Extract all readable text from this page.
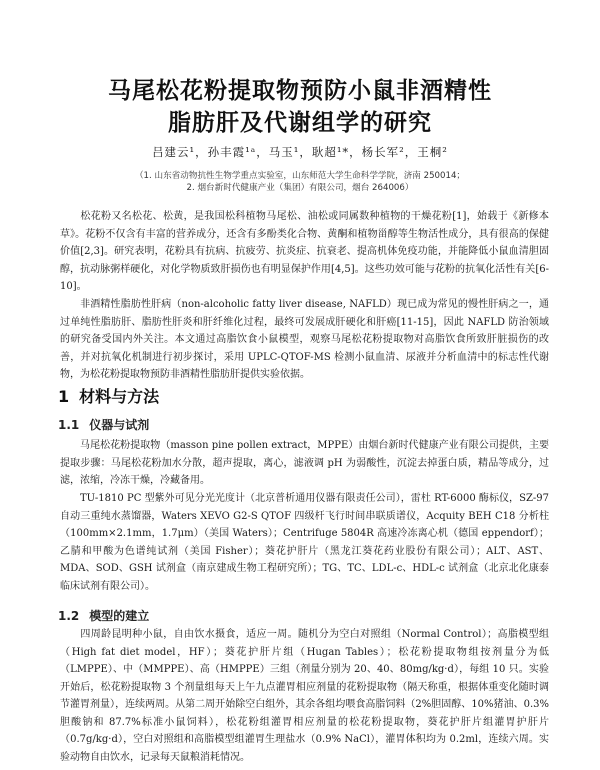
马尾松花粉提取物预防小鼠非酒精性
脂肪肝及代谢组学的研究
吕建云¹，孙丰霞¹ᵃ，马玉¹，耿超¹*，杨长军²，王桐²
（1. 山东省动物抗性生物学重点实验室，山东师范大学生命科学学院，济南 250014；
2. 烟台新时代健康产业（集团）有限公司，烟台 264006）

松花粉又名松花、松黄，是我国松科植物马尾松、油松或同属数种植物的干燥花粉[1]，始载于《新修本草》。花粉不仅含有丰富的营养成分，还含有多酚类化合物、黄酮和植物甾醇等生物活性成分，具有很高的保健价值[2,3]。研究表明，花粉具有抗病、抗疲劳、抗炎症、抗衰老、提高机体免疫功能，并能降低小鼠血清胆固醇，抗动脉粥样硬化，对化学物质致肝损伤也有明显保护作用[4,5]。这些功效可能与花粉的抗氧化活性有关[6-10]。

非酒精性脂肪性肝病（non-alcoholic fatty liver disease, NAFLD）现已成为常见的慢性肝病之一，通过单纯性脂肪肝、脂肪性肝炎和肝纤维化过程，最终可发展成肝硬化和肝癌[11-15]，因此 NAFLD 防治领域的研究备受国内外关注。本文通过高脂饮食小鼠模型，观察马尾松花粉提取物对高脂饮食所致肝脏损伤的改善，并对抗氧化机制进行初步探讨，采用 UPLC-QTOF-MS 检测小鼠血清、尿液并分析血清中的标志性代谢物，为松花粉提取物预防非酒精性脂肪肝提供实验依据。

1 材料与方法
1.1 仪器与试剂

马尾松花粉提取物（masson pine pollen extract，MPPE）由烟台新时代健康产业有限公司提供，主要提取步骤：马尾松花粉加水分散，超声提取，离心，滤液调 pH 为弱酸性，沉淀去掉蛋白质，精品等成分，过滤，浓缩，冷冻干燥，冷藏备用。

TU-1810 PC 型紫外可见分光光度计（北京普析通用仪器有限责任公司），雷杜 RT-6000 酶标仪，SZ-97 自动三重纯水蒸馏器，Waters XEVO G2-S QTOF 四级杆飞行时间串联质谱仪，Acquity BEH C18 分析柱（100mm×2.1mm，1.7μm）（美国 Waters）；Centrifuge 5804R 高速冷冻离心机（德国 eppendorf）；乙腈和甲酸为色谱纯试剂（美国 Fisher）；葵花护肝片（黑龙江葵花药业股份有限公司）；ALT、AST、MDA、SOD、GSH 试剂盒（南京建成生物工程研究所）；TG、TC、LDL-c、HDL-c 试剂盒（北京北化康泰临床试剂有限公司）。

1.2 模型的建立

四周龄昆明种小鼠，自由饮水摄食，适应一周。随机分为空白对照组（Normal Control）；高脂模型组（High fat diet model，HF）；葵花护肝片组（Hugan Tables）；松花粉提取物组按剂量分为低（LMPPE）、中（MMPPE）、高（HMPPE）三组（剂量分别为 20、40、80mg/kg·d），每组 10 只。实验开始后，松花粉提取物 3 个剂量组每天上午九点灌胃相应剂量的花粉提取物（隔天称重，根据体重变化随时调节灌胃剂量），连续两周。从第二周开始除空白组外，其余各组均喂食高脂饲料（2%胆固醇、10%猪油、0.3%胆酸钠和 87.7%标准小鼠饲料），松花粉组灌胃相应剂量的松花粉提取物，葵花护肝片组灌胃护肝片（0.7g/kg·d），空白对照组和高脂模型组灌胃生理盐水（0.9% NaCl），灌胃体积均为 0.2ml，连续六周。实验动物自由饮水，记录每天鼠粮消耗情况。
